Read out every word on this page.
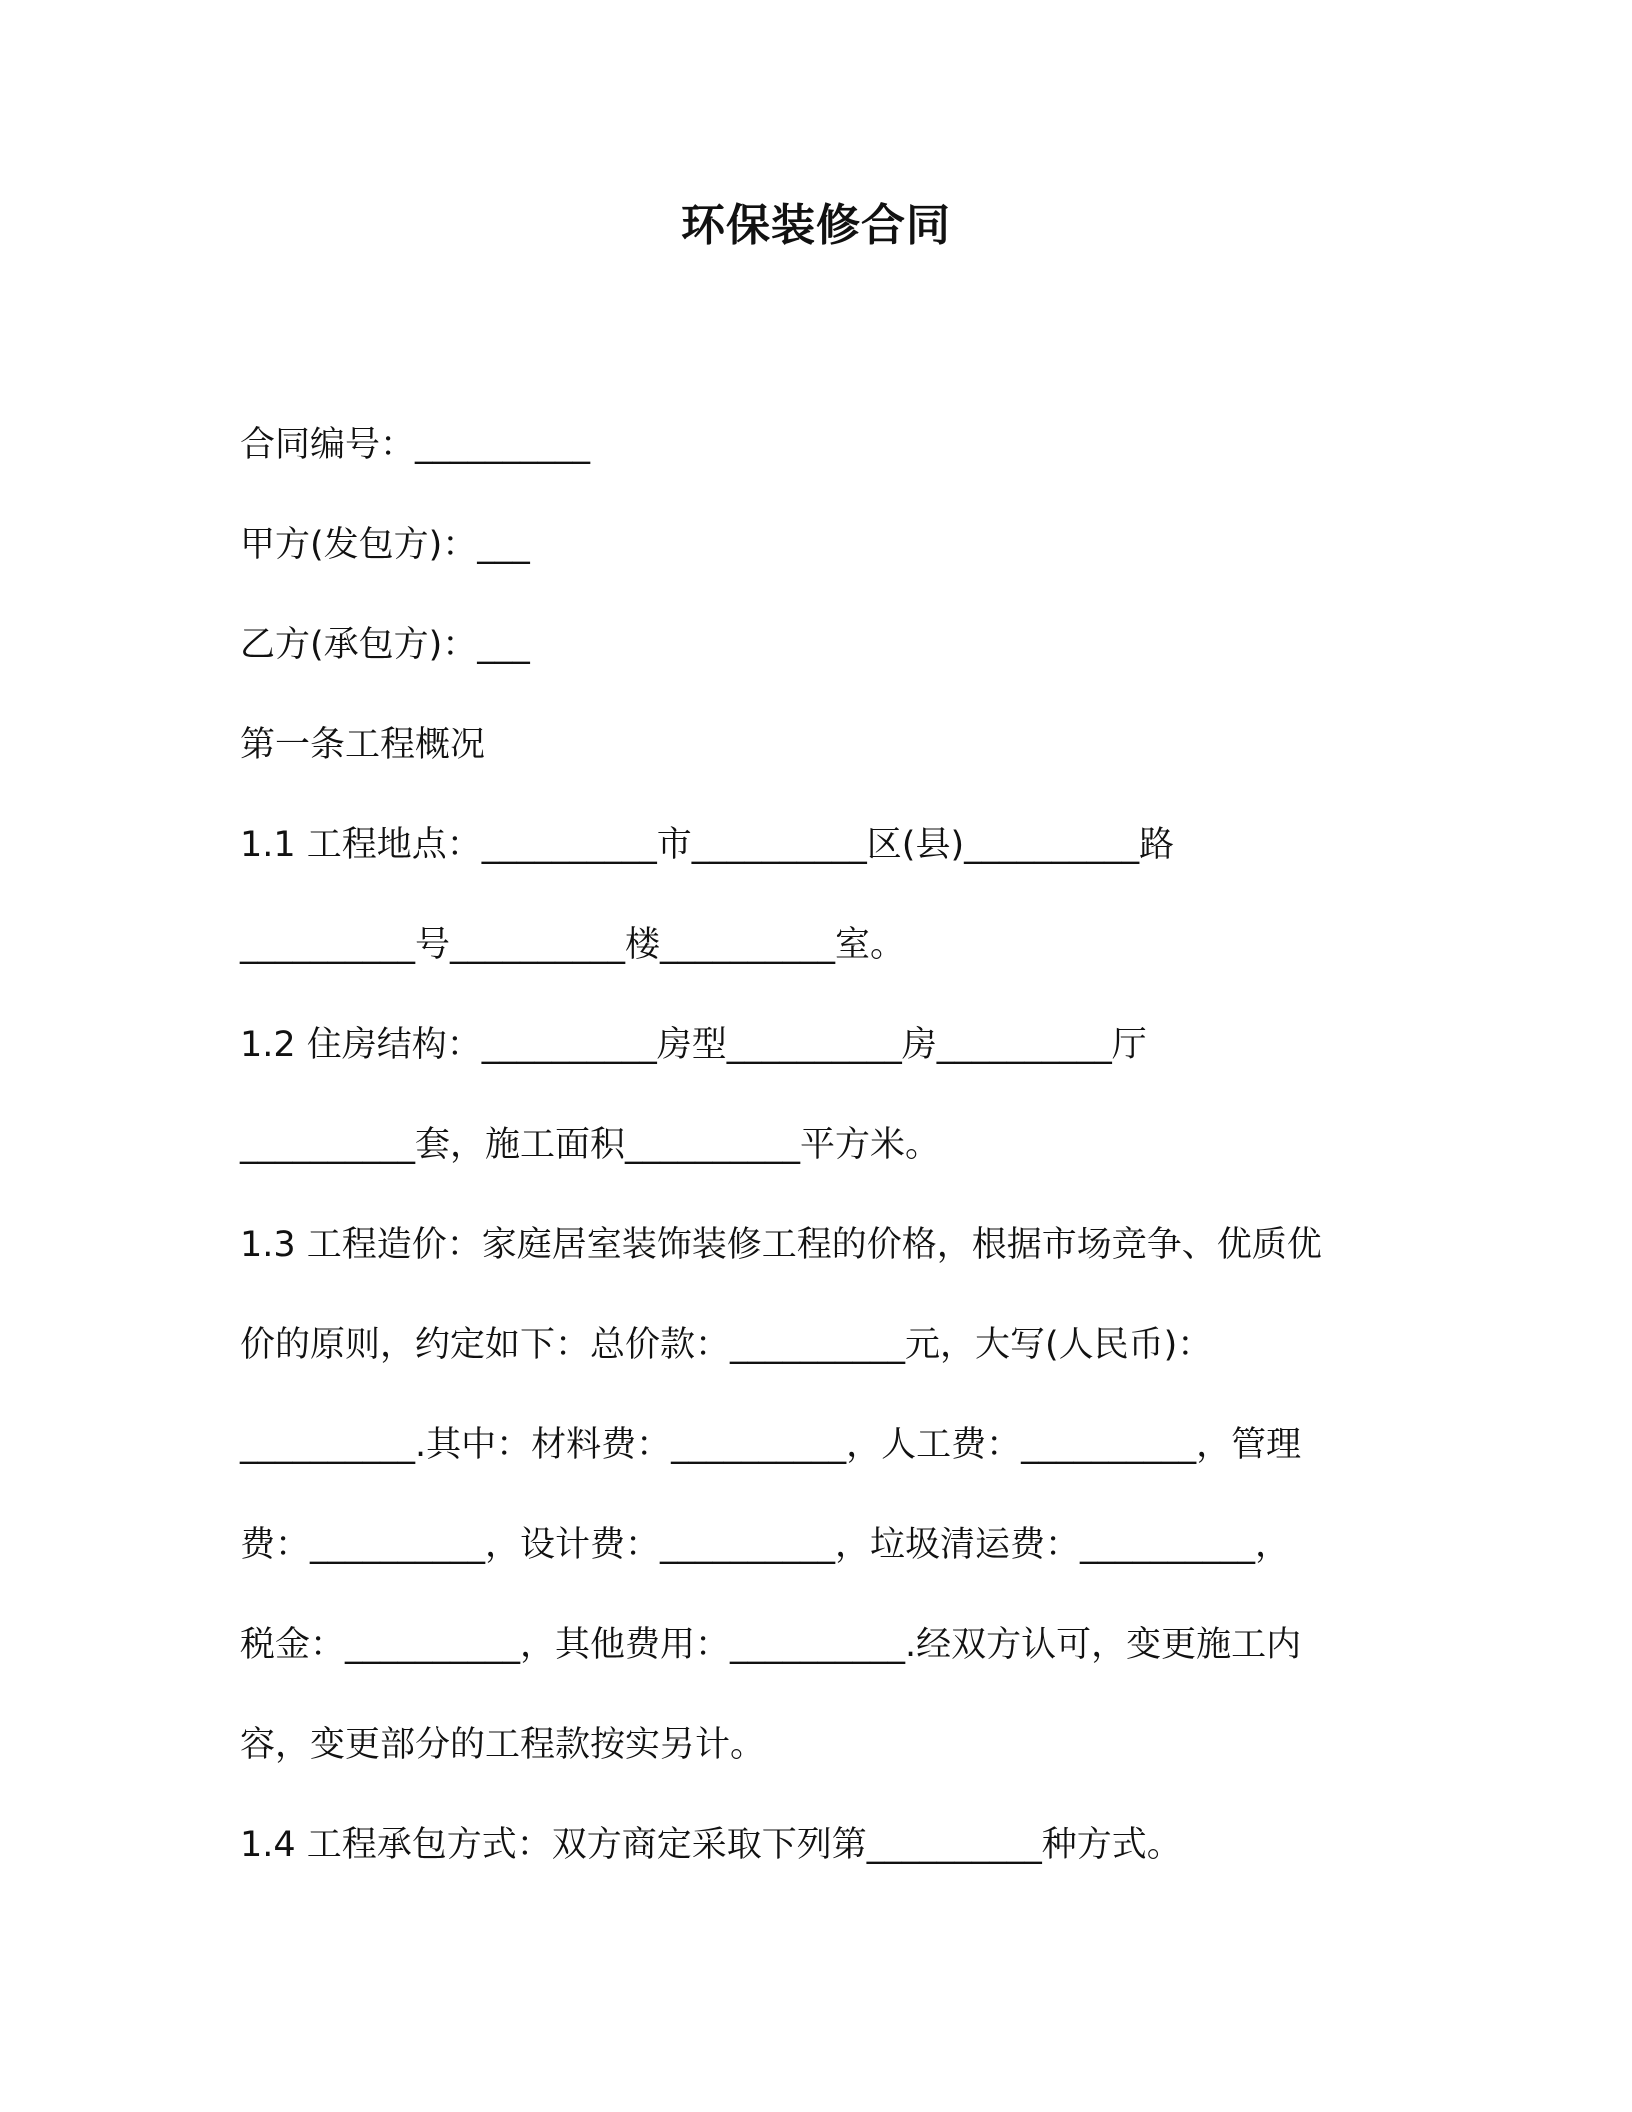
环保装修合同
合同编号：__________
甲方(发包方)：___
乙方(承包方)：___
第一条工程概况
1.1 工程地点：__________市__________区(县)__________路
__________号__________楼__________室。
1.2 住房结构：__________房型__________房__________厅
__________套，施工面积__________平方米。
1.3 工程造价：家庭居室装饰装修工程的价格，根据市场竞争、优质优
价的原则，约定如下：总价款：__________元，大写(人民币)：
__________.其中：材料费：__________，人工费：__________，管理
费：__________，设计费：__________，垃圾清运费：__________，
税金：__________，其他费用：__________.经双方认可，变更施工内
容，变更部分的工程款按实另计。
1.4 工程承包方式：双方商定采取下列第__________种方式。
